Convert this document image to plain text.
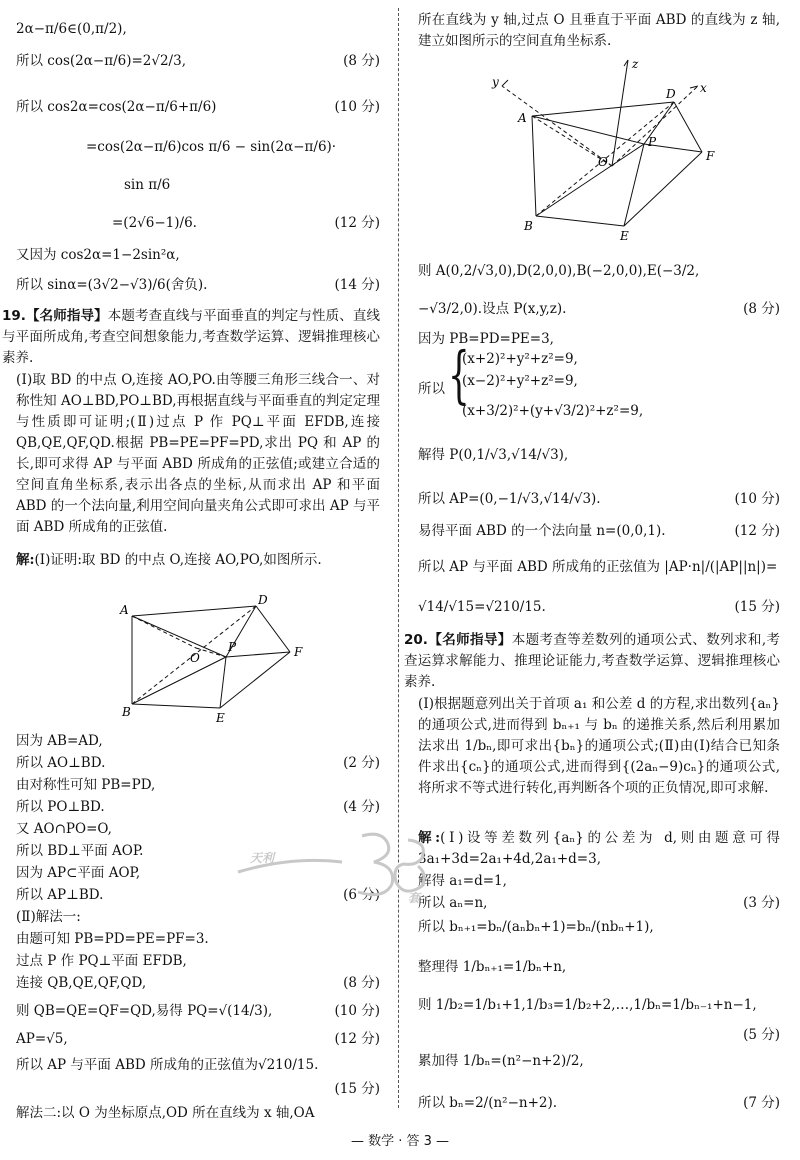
2α−π/6∈(0,π/2),
所以 cos(2α−π/6)=2√2/3,	(8 分)
所以 cos2α=cos(2α−π/6+π/6)	(10 分)
=cos(2α−π/6)cos π/6 − sin(2α−π/6)·
sin π/6
=(2√6−1)/6.	(12 分)
又因为 cos2α=1−2sin²α,
所以 sinα=(3√2−√3)/6(舍负).	(14 分)
19.【名师指导】本题考查直线与平面垂直的判定与性质、直线与平面所成角,考查空间想象能力,考查数学运算、逻辑推理核心素养.
(Ⅰ)取 BD 的中点 O,连接 AO,PO.由等腰三角形三线合一、对称性知 AO⊥BD,PO⊥BD,再根据直线与平面垂直的判定定理与性质即可证明;(Ⅱ)过点 P 作 PQ⊥平面 EFDB,连接 QB,QE,QF,QD.根据 PB=PE=PF=PD,求出 PQ 和 AP 的长,即可求得 AP 与平面 ABD 所成角的正弦值;或建立合适的空间直角坐标系,表示出各点的坐标,从而求出 AP 和平面 ABD 的一个法向量,利用空间向量夹角公式即可求出 AP 与平面 ABD 所成角的正弦值.
解:(Ⅰ)证明:取 BD 的中点 O,连接 AO,PO,如图所示.
A
D
O
P	F
B	E
因为 AB=AD,
所以 AO⊥BD.	(2 分)
由对称性可知 PB=PD,
所以 PO⊥BD.	(4 分)
又 AO∩PO=O,
所以 BD⊥平面 AOP.
因为 AP⊂平面 AOP,
所以 AP⊥BD.	(6 分)
(Ⅱ)解法一:
由题可知 PB=PD=PE=PF=3.
过点 P 作 PQ⊥平面 EFDB,
连接 QB,QE,QF,QD,	(8 分)
则 QB=QE=QF=QD,易得 PQ=√(14/3),	(10 分)
AP=√5,	(12 分)
所以 AP 与平面 ABD 所成角的正弦值为√210/15.
(15 分)
解法二:以 O 为坐标原点,OD 所在直线为 x 轴,OA
所在直线为 y 轴,过点 O 且垂直于平面 ABD 的直线为 z 轴,建立如图所示的空间直角坐标系.
y
z
D x
A
O
P
F
B
E
则 A(0,2/√3,0),D(2,0,0),B(−2,0,0),E(−3/2,
−√3/2,0).设点 P(x,y,z).	(8 分)
因为 PB=PD=PE=3,
所以 {
(x+2)²+y²+z²=9,
(x−2)²+y²+z²=9,
(x+3/2)²+(y+√3/2)²+z²=9,
解得 P(0,1/√3,√14/√3),
所以 AP=(0,−1/√3,√14/√3).	(10 分)
易得平面 ABD 的一个法向量 n=(0,0,1).	(12 分)
所以 AP 与平面 ABD 所成角的正弦值为 |AP·n|/(|AP||n|)=
√14/√15=√210/15.	(15 分)
20.【名师指导】本题考查等差数列的通项公式、数列求和,考查运算求解能力、推理论证能力,考查数学运算、逻辑推理核心素养.
(Ⅰ)根据题意列出关于首项 a₁ 和公差 d 的方程,求出数列{aₙ}的通项公式,进而得到 bₙ₊₁ 与 bₙ 的递推关系,然后利用累加法求出 1/bₙ,即可求出{bₙ}的通项公式;(Ⅱ)由(Ⅰ)结合已知条件求出{cₙ}的通项公式,进而得到{(2aₙ−9)cₙ}的通项公式,将所求不等式进行转化,再判断各个项的正负情况,即可求解.
解:(Ⅰ)设等差数列{aₙ}的公差为 d,则由题意可得 3a₁+3d=2a₁+4d,2a₁+d=3,
解得 a₁=d=1,
所以 aₙ=n,	(3 分)
所以 bₙ₊₁=bₙ/(aₙbₙ+1)=bₙ/(nbₙ+1),
整理得 1/bₙ₊₁=1/bₙ+n,
则 1/b₂=1/b₁+1,1/b₃=1/b₂+2,…,1/bₙ=1/bₙ₋₁+n−1,
(5 分)
累加得 1/bₙ=(n²−n+2)/2,
所以 bₙ=2/(n²−n+2).	(7 分)
天利
套
— 数学 · 答 3 —
